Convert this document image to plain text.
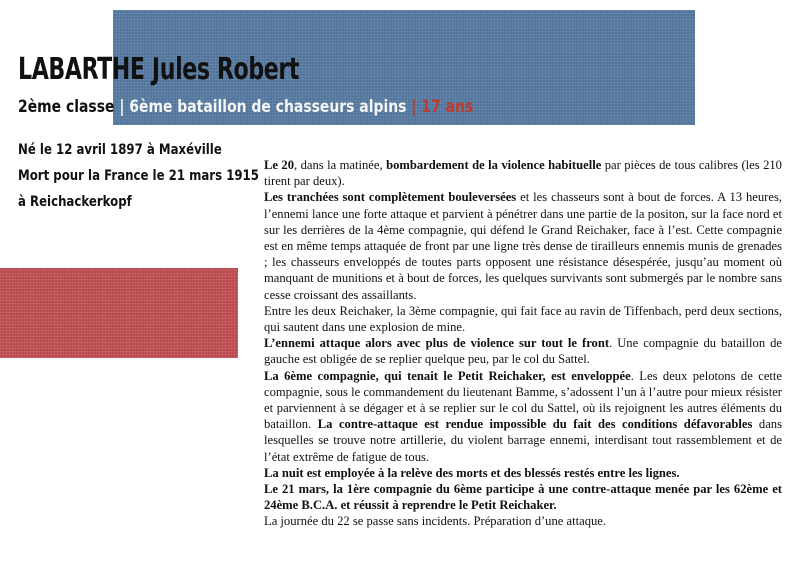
LABARTHE Jules Robert
2ème classe | 6ème bataillon de chasseurs alpins | 17 ans
Né le 12 avril 1897 à Maxéville
Mort pour la France le 21 mars 1915
à Reichackerkopf

Le 20, dans la matinée, bombardement de la violence habituelle par pièces de tous calibres (les 210 tirent par deux).

Les tranchées sont complètement bouleversées et les chasseurs sont à bout de forces. A 13 heures, l’ennemi lance une forte attaque et parvient à pénétrer dans une partie de la positon, sur la face nord et sur les derrières de la 4ème compagnie, qui défend le Grand Reichaker, face à l’est. Cette compagnie est en même temps attaquée de front par une ligne très dense de tirailleurs ennemis munis de grenades ; les chasseurs enveloppés de toutes parts opposent une résistance désespérée, jusqu’au moment où manquant de munitions et à bout de forces, les quelques survivants sont submergés par le nombre sans cesse croissant des assaillants.

Entre les deux Reichaker, la 3ème compagnie, qui fait face au ravin de Tiffenbach, perd deux sections, qui sautent dans une explosion de mine.

L’ennemi attaque alors avec plus de violence sur tout le front. Une compagnie du bataillon de gauche est obligée de se replier quelque peu, par le col du Sattel.

La 6ème compagnie, qui tenait le Petit Reichaker, est enveloppée. Les deux pelotons de cette compagnie, sous le commandement du lieutenant Bamme, s’adossent l’un à l’autre pour mieux résister et parviennent à se dégager et à se replier sur le col du Sattel, où ils rejoignent les autres éléments du bataillon. La contre-attaque est rendue impossible du fait des conditions défavorables dans lesquelles se trouve notre artillerie, du violent barrage ennemi, interdisant tout rassemblement et de l’état extrême de fatigue de tous.

La nuit est employée à la relève des morts et des blessés restés entre les lignes.

Le 21 mars, la 1ère compagnie du 6ème participe à une contre-attaque menée par les 62ème et 24ème B.C.A. et réussit à reprendre le Petit Reichaker.

La journée du 22 se passe sans incidents. Préparation d’une attaque.
